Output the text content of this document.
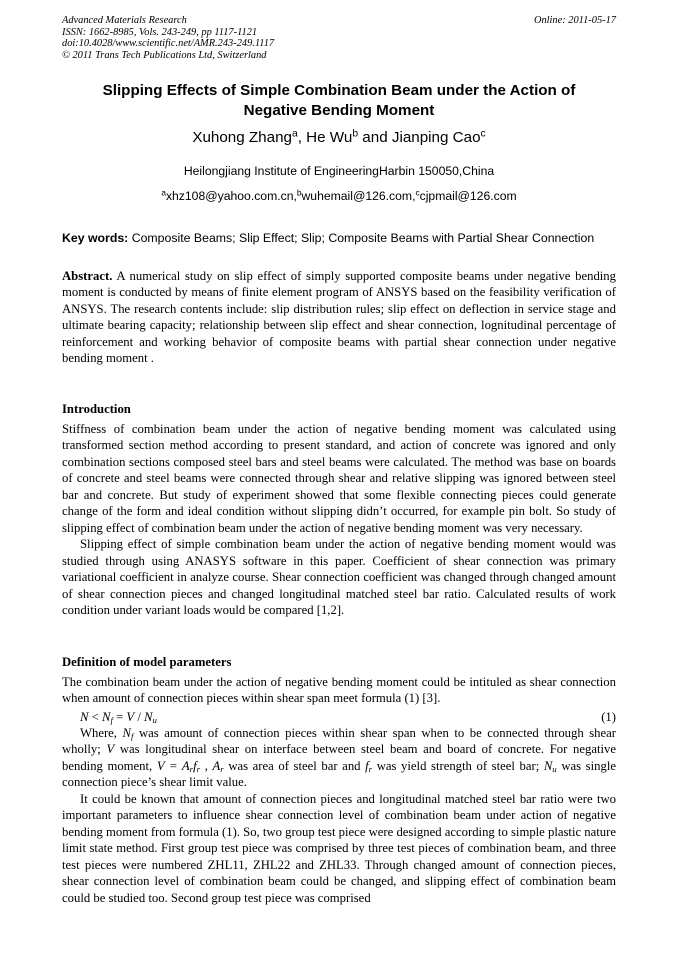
Advanced Materials Research
ISSN: 1662-8985, Vols. 243-249, pp 1117-1121
doi:10.4028/www.scientific.net/AMR.243-249.1117
© 2011 Trans Tech Publications Ltd, Switzerland
Online: 2011-05-17
Slipping Effects of Simple Combination Beam under the Action of
Negative Bending Moment
Xuhong Zhang$^a$, He Wu$^b$ and Jianping Cao$^c$
Heilongjiang Institute of EngineeringHarbin 150050,China
$^a$xhz108@yahoo.com.cn,$^b$wuhemail@126.com,$^c$cjpmail@126.com
Key words: Composite Beams; Slip Effect; Slip; Composite Beams with Partial Shear Connection
Abstract. A numerical study on slip effect of simply supported composite beams under negative bending moment is conducted by means of finite element program of ANSYS based on the feasibility verification of ANSYS. The research contents include: slip distribution rules; slip effect on deflection in service stage and ultimate bearing capacity; relationship between slip effect and shear connection, lognitudinal percentage of reinforcement and working behavior of composite beams with partial shear connection under negative bending moment .
Introduction

Stiffness of combination beam under the action of negative bending moment was calculated using transformed section method according to present standard, and action of concrete was ignored and only combination sections composed steel bars and steel beams were calculated. The method was base on boards of concrete and steel beams were connected through shear and relative slipping was ignored between steel bar and concrete. But study of experiment showed that some flexible connecting pieces could generate change of the form and ideal condition without slipping didn’t occurred, for example pin bolt. So study of slipping effect of combination beam under the action of negative bending moment was very necessary.

Slipping effect of simple combination beam under the action of negative bending moment would was studied through using ANASYS software in this paper. Coefficient of shear connection was primary variational coefficient in analyze course. Shear connection coefficient was changed through changed amount of shear connection pieces and changed longitudinal matched steel bar ratio. Calculated results of work condition under variant loads would be compared [1,2].

Definition of model parameters

The combination beam under the action of negative bending moment could be intituled as shear connection when amount of connection pieces within shear span meet formula (1) [3].

$N < N_f = V / N_u$	(1)

Where, $N_f$ was amount of connection pieces within shear span when to be connected through shear wholly; V was longitudinal shear on interface between steel beam and board of concrete. For negative bending moment, $V = A_rf_r$ , $A_r$ was area of steel bar and $f_r$ was yield strength of steel bar; $N_u$ was single connection piece’s shear limit value.

It could be known that amount of connection pieces and longitudinal matched steel bar ratio were two important parameters to influence shear connection level of combination beam under action of negative bending moment from formula (1). So, two group test piece were designed according to simple plastic nature limit state method. First group test piece was comprised by three test pieces of combination beam, and three test pieces were numbered ZHL11, ZHL22 and ZHL33. Through changed amount of connection pieces, shear connection level of combination beam could be changed, and slipping effect of combination beam could be studied too. Second group test piece was comprised
